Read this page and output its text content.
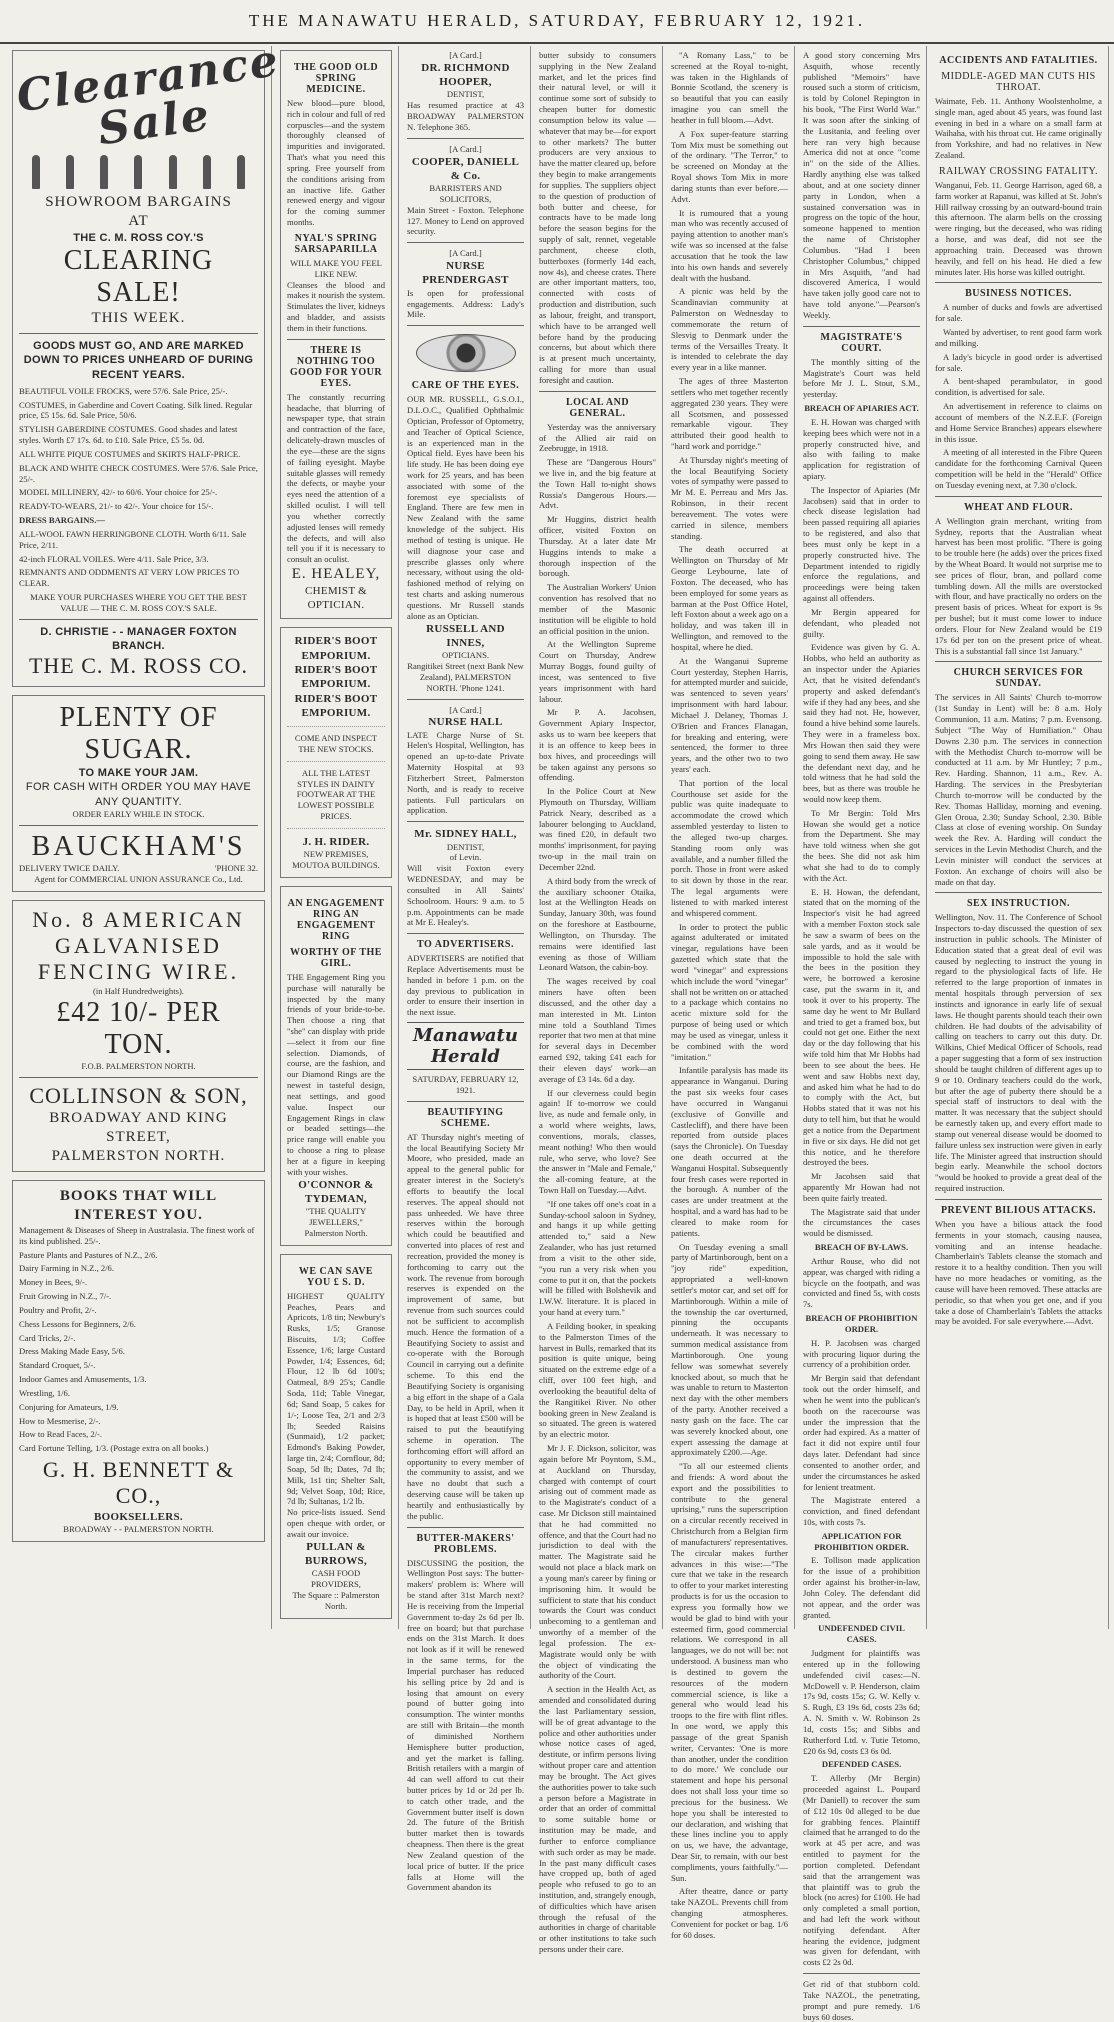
THE MANAWATU HERALD, SATURDAY, FEBRUARY 12, 1921.
Clearance Sale
SHOWROOM BARGAINS
AT
THE C. M. ROSS COY.'S
CLEARING SALE!
THIS WEEK.
GOODS MUST GO, AND ARE MARKED DOWN TO PRICES UNHEARD OF DURING RECENT YEARS.

BEAUTIFUL VOILE FROCKS, were 57/6. Sale Price, 25/-.

COSTUMES, in Gaberdine and Covert Coating. Silk lined. Regular price, £5 15s. 6d. Sale Price, 50/6.

STYLISH GABERDINE COSTUMES. Good shades and latest styles. Worth £7 17s. 6d. to £10. Sale Price, £5 5s. 0d.

ALL WHITE PIQUE COSTUMES and SKIRTS HALF-PRICE.

BLACK AND WHITE CHECK COSTUMES. Were 57/6. Sale Price, 25/-.

MODEL MILLINERY, 42/- to 60/6. Your choice for 25/-.

READY-TO-WEARS, 21/- to 42/-. Your choice for 15/-.

DRESS BARGAINS.—

ALL-WOOL FAWN HERRINGBONE CLOTH. Worth 6/11. Sale Price, 2/11.

42-inch FLORAL VOILES. Were 4/11. Sale Price, 3/3.

REMNANTS AND ODDMENTS AT VERY LOW PRICES TO CLEAR.

MAKE YOUR PURCHASES WHERE YOU GET THE BEST VALUE — THE C. M. ROSS COY.'S SALE.
D. CHRISTIE - - MANAGER FOXTON BRANCH.
THE C. M. ROSS CO.
PLENTY OF SUGAR.
TO MAKE YOUR JAM.
FOR CASH WITH ORDER YOU MAY HAVE ANY QUANTITY.
ORDER EARLY WHILE IN STOCK.
BAUCKHAM'S
DELIVERY TWICE DAILY.	'PHONE 32.
Agent for COMMERCIAL UNION ASSURANCE Co., Ltd.
No. 8 AMERICAN GALVANISED FENCING WIRE.
(in Half Hundredweights).
£42 10/- PER TON.
F.O.B. PALMERSTON NORTH.
COLLINSON & SON,
BROADWAY AND KING STREET,
PALMERSTON NORTH.
BOOKS THAT WILL INTEREST YOU.

Management & Diseases of Sheep in Australasia. The finest work of its kind published. 25/-.

Pasture Plants and Pastures of N.Z., 2/6.

Dairy Farming in N.Z., 2/6.

Money in Bees, 9/-.

Fruit Growing in N.Z., 7/-.

Poultry and Profit, 2/-.

Chess Lessons for Beginners, 2/6.

Card Tricks, 2/-.

Dress Making Made Easy, 5/6.

Standard Croquet, 5/-.

Indoor Games and Amusements, 1/3.

Wrestling, 1/6.

Conjuring for Amateurs, 1/9.

How to Mesmerise, 2/-.

How to Read Faces, 2/-.

Card Fortune Telling, 1/3. (Postage extra on all books.)

G. H. BENNETT & CO.,
BOOKSELLERS.
BROADWAY - - PALMERSTON NORTH.
THE GOOD OLD SPRING MEDICINE.
New blood—pure blood, rich in colour and full of red corpuscles—and the system thoroughly cleansed of impurities and invigorated. That's what you need this spring. Free yourself from the conditions arising from an inactive life. Gather renewed energy and vigour for the coming summer months.
NYAL'S SPRING SARSAPARILLA
WILL MAKE YOU FEEL LIKE NEW.
Cleanses the blood and makes it nourish the system. Stimulates the liver, kidneys and bladder, and assists them in their functions.
THERE IS NOTHING TOO GOOD FOR YOUR EYES.
The constantly recurring headache, that blurring of newspaper type, that strain and contraction of the face, delicately-drawn muscles of the eye—these are the signs of failing eyesight. Maybe suitable glasses will remedy the defects, or maybe your eyes need the attention of a skilled oculist. I will tell you whether correctly adjusted lenses will remedy the defects, and will also tell you if it is necessary to consult an oculist.
E. HEALEY,
CHEMIST & OPTICIAN.
RIDER'S BOOT EMPORIUM.
RIDER'S BOOT EMPORIUM.
RIDER'S BOOT EMPORIUM.
COME AND INSPECT THE NEW STOCKS.
ALL THE LATEST STYLES IN DAINTY FOOTWEAR AT THE
LOWEST POSSIBLE PRICES.
J. H. RIDER.
NEW PREMISES,
MOUTOA BUILDINGS.
AN ENGAGEMENT RING AN ENGAGEMENT RING
WORTHY OF THE GIRL.
THE Engagement Ring you purchase will naturally be inspected by the many friends of your bride-to-be. Then choose a ring that "she" can display with pride—select it from our fine selection. Diamonds, of course, are the fashion, and our Diamond Rings are the newest in tasteful design, neat settings, and good value. Inspect our Engagement Rings in claw or beaded settings—the price range will enable you to choose a ring to please her at a figure in keeping with your wishes.
O'CONNOR & TYDEMAN,
"THE QUALITY JEWELLERS,"
Palmerston North.
WE CAN SAVE YOU £ S. D.
HIGHEST QUALITY Peaches, Pears and Apricots, 1/8 tin; Newbury's Rusks, 1/5; Granose Biscuits, 1/3; Coffee Essence, 1/6; large Custard Powder, 1/4; Essences, 6d; Flour, 12 lb 6d 100's; Oatmeal, 8/9 25's; Candle Soda, 11d; Table Vinegar, 6d; Sand Soap, 5 cakes for 1/-; Loose Tea, 2/1 and 2/3 lb; Seeded Raisins (Sunmaid), 1/2 packet; Edmond's Baking Powder, large tin, 2/4; Cornflour, 8d; Soap, 5d lb; Dates, 7d lb; Milk, 1s1 tin; Shelter Salt, 9d; Velvet Soap, 10d; Rice, 7d lb; Sultanas, 1/2 lb.
No price-lists issued. Send open cheque with order, or await our invoice.
PULLAN & BURROWS,
CASH FOOD PROVIDERS,
The Square :: Palmerston North.
[A Card.]
DR. RICHMOND HOOPER,
DENTIST,
Has resumed practice at 43 BROADWAY PALMERSTON N. Telephone 365.
[A Card.]
COOPER, DANIELL & Co.
BARRISTERS AND SOLICITORS,
Main Street - Foxton. Telephone 127. Money to Lend on approved security.
[A Card.]
NURSE PRENDERGAST
Is open for professional engagements. Address: Lady's Mile.
CARE OF THE EYES.
OUR MR. RUSSELL, G.S.O.I., D.L.O.C., Qualified Ophthalmic Optician, Professor of Optometry, and Teacher of Optical Science, is an experienced man in the Optical field. Eyes have been his life study. He has been doing eye work for 25 years, and has been associated with some of the foremost eye specialists of England. There are few men in New Zealand with the same knowledge of the subject. His method of testing is unique. He will diagnose your case and prescribe glasses only where necessary, without using the old-fashioned method of relying on test charts and asking numerous questions. Mr Russell stands alone as an Optician.
RUSSELL AND INNES,
OPTICIANS.
Rangitikei Street (next Bank New Zealand), PALMERSTON NORTH. 'Phone 1241.
[A Card.]
NURSE HALL
LATE Charge Nurse of St. Helen's Hospital, Wellington, has opened an up-to-date Private Maternity Hospital at 93 Fitzherbert Street, Palmerston North, and is ready to receive patients. Full particulars on application.
Mr. SIDNEY HALL,
DENTIST,
of Levin.
Will visit Foxton every WEDNESDAY, and may be consulted in All Saints' Schoolroom. Hours: 9 a.m. to 5 p.m. Appointments can be made at Mr E. Healey's.
TO ADVERTISERS.
ADVERTISERS are notified that Replace Advertisements must be handed in before 1 p.m. on the day previous to publication in order to ensure their insertion in the next issue.
Manawatu Herald
SATURDAY, FEBRUARY 12, 1921.
BEAUTIFYING SCHEME.
AT Thursday night's meeting of the local Beautifying Society Mr Moore, who presided, made an appeal to the general public for greater interest in the Society's efforts to beautify the local reserves. The appeal should not pass unheeded. We have three reserves within the borough which could be beautified and converted into places of rest and recreation, provided the money is forthcoming to carry out the work. The revenue from borough reserves is expended on the improvement of same, but revenue from such sources could not be sufficient to accomplish much. Hence the formation of a Beautifying Society to assist and co-operate with the Borough Council in carrying out a definite scheme. To this end the Beautifying Society is organising a big effort in the shape of a Gala Day, to be held in April, when it is hoped that at least £500 will be raised to put the beautifying scheme in operation. The forthcoming effort will afford an opportunity to every member of the community to assist, and we have no doubt that such a deserving cause will be taken up heartily and enthusiastically by the public.
BUTTER-MAKERS' PROBLEMS.
DISCUSSING the position, the Wellington Post says: The butter-makers' problem is: Where will be stand after 31st March next? He is receiving from the Imperial Government to-day 2s 6d per lb. free on board; but that purchase ends on the 31st March. It does not look as if it will be renewed in the same terms, for the Imperial purchaser has reduced his selling price by 2d and is losing that amount on every pound of butter going into consumption. The winter months are still with Britain—the month of diminished Northern Hemisphere butter production, and yet the market is falling. British retailers with a margin of 4d can well afford to cut their butter prices by 1d or 2d per lb. to catch other trade, and the Government butter itself is down 2d. The future of the British butter market then is towards cheapness. Then there is the great New Zealand question of the local price of butter. If the price falls at Home will the Government abandon its
butter subsidy to consumers supplying in the New Zealand market, and let the prices find their natural level, or will it continue some sort of subsidy to cheapen butter for domestic consumption below its value —whatever that may be—for export to other markets? The butter producers are very anxious to have the matter cleared up, before they begin to make arrangements for supplies. The suppliers object to the question of production of both butter and cheese, for contracts have to be made long before the season begins for the supply of salt, rennet, vegetable parchment, cheese cloth, butterboxes (formerly 14d each, now 4s), and cheese crates. There are other important matters, too, connected with costs of production and distribution, such as labour, freight, and transport, which have to be arranged well before hand by the producing concerns, but about which there is at present much uncertainty, calling for more than usual foresight and caution.
LOCAL AND GENERAL.

Yesterday was the anniversary of the Allied air raid on Zeebrugge, in 1918.

These are "Dangerous Hours" we live in, and the big feature at the Town Hall to-night shows Russia's Dangerous Hours.—Advt.

Mr Huggins, district health officer, visited Foxton on Thursday. At a later date Mr Huggins intends to make a thorough inspection of the borough.

The Australian Workers' Union convention has resolved that no member of the Masonic institution will be eligible to hold an official position in the union.

At the Wellington Supreme Court on Thursday, Andrew Murray Boggs, found guilty of incest, was sentenced to five years imprisonment with hard labour.

Mr P. A. Jacobsen, Government Apiary Inspector, asks us to warn bee keepers that it is an offence to keep bees in box hives, and proceedings will be taken against any persons so offending.

In the Police Court at New Plymouth on Thursday, William Patrick Neary, described as a labourer belonging to Auckland, was fined £20, in default two months' imprisonment, for paying two-up in the mail train on December 22nd.

A third body from the wreck of the auxiliary schooner Otaika, lost at the Wellington Heads on Sunday, January 30th, was found on the foreshore at Eastbourne, Wellington, on Thursday. The remains were identified last evening as those of William Leonard Watson, the cabin-boy.

The wages received by coal miners have often been discussed, and the other day a man interested in Mt. Linton mine told a Southland Times reporter that two men at that mine for several days in December earned £92, taking £41 each for their eleven days' work—an average of £3 14s. 6d a day.

If our cleverness could begin again! If to-morrow we could live, as nude and female only, in a world where weights, laws, conventions, morals, classes, meant nothing! Who then would rule, who serve, who love? See the answer in "Male and Female," the all-coming feature, at the Town Hall on Tuesday.—Advt.

"If one takes off one's coat in a Sunday-school saloon in Sydney, and hangs it up while getting attended to," said a New Zealander, who has just returned from a visit to the other side, "you run a very risk when you come to put it on, that the pockets will be filled with Bolshevik and I.W.W. literature. It is placed in your hand at every turn."

A Feilding booker, in speaking to the Palmerston Times of the harvest in Bulls, remarked that its position is quite unique, being situated on the extreme edge of a cliff, over 100 feet high, and overlooking the beautiful delta of the Rangitikei River. No other booking green in New Zealand is so situated. The green is watered by an electric motor.

Mr J. F. Dickson, solicitor, was again before Mr Poyntom, S.M., at Auckland on Thursday, charged with contempt of court arising out of comment made as to the Magistrate's conduct of a case. Mr Dickson still maintained that he had committed no offence, and that the Court had no jurisdiction to deal with the matter. The Magistrate said he would not place a black mark on a young man's career by fining or imprisoning him. It would be sufficient to state that his conduct towards the Court was conduct unbecoming to a gentleman and unworthy of a member of the legal profession. The ex-Magistrate would only be with the object of vindicating the authority of the Court.

A section in the Health Act, as amended and consolidated during the last Parliamentary session, will be of great advantage to the police and other authorities under whose notice cases of aged, destitute, or infirm persons living without proper care and attention may be brought. The Act gives the authorities power to take such a person before a Magistrate in order that an order of committal to some suitable home or institution may be made, and further to enforce compliance with such order as may be made. In the past many difficult cases have cropped up, both of aged people who refused to go to an institution, and, strangely enough, of difficulties which have arisen through the refusal of the authorities in charge of charitable or other institutions to take such persons under their care.

"A Romany Lass," to be screened at the Royal to-night, was taken in the Highlands of Bonnie Scotland, the scenery is so beautiful that you can easily imagine you can smell the heather in full bloom.—Advt.

A Fox super-feature starring Tom Mix must be something out of the ordinary. "The Terror," to be screened on Monday at the Royal shows Tom Mix in more daring stunts than ever before.—Advt.

It is rumoured that a young man who was recently accused of paying attention to another man's wife was so incensed at the false accusation that he took the law into his own hands and severely dealt with the husband.

A picnic was held by the Scandinavian community at Palmerston on Wednesday to commemorate the return of Slesvig to Denmark under the terms of the Versailles Treaty. It is intended to celebrate the day every year in a like manner.

The ages of three Masterton settlers who met together recently aggregated 230 years. They were all Scotsmen, and possessed remarkable vigour. They attributed their good health to "hard work and porridge."

At Thursday night's meeting of the local Beautifying Society votes of sympathy were passed to Mr M. E. Perreau and Mrs Jas. Robinson, in their recent bereavement. The votes were carried in silence, members standing.

The death occurred at Wellington on Thursday of Mr George Leybourne, late of Foxton. The deceased, who has been employed for some years as barman at the Post Office Hotel, left Foxton about a week ago on a holiday, and was taken ill in Wellington, and removed to the hospital, where he died.

At the Wanganui Supreme Court yesterday, Stephen Harris, for attempted murder and suicide, was sentenced to seven years' imprisonment with hard labour. Michael J. Delaney, Thomas J. O'Brien and Frances Flanagan, for breaking and entering, were sentenced, the former to three years, and the other two to two years' each.

That portion of the local Courthouse set aside for the public was quite inadequate to accommodate the crowd which assembled yesterday to listen to the alleged two-up charges. Standing room only was available, and a number filled the porch. Those in front were asked to sit down by those in the rear. The legal arguments were listened to with marked interest and whispered comment.

In order to protect the public against adulterated or imitated vinegar, regulations have been gazetted which state that the word "vinegar" and expressions which include the word "vinegar" shall not be written on or attached to a package which contains no acetic mixture sold for the purpose of being used or which may be used as vinegar, unless it be combined with the word "imitation."

Infantile paralysis has made its appearance in Wanganui. During the past six weeks four cases have occurred in Wanganui (exclusive of Gonville and Castlecliff), and there have been reported from outside places (says the Chronicle). On Tuesday one death occurred at the Wanganui Hospital. Subsequently four fresh cases were reported in the borough. A number of the cases are under treatment at the hospital, and a ward has had to be cleared to make room for patients.

On Tuesday evening a small party of Martinborough, bent on a "joy ride" expedition, appropriated a well-known settler's motor car, and set off for Martinborough. Within a mile of the township the car overturned, pinning the occupants underneath. It was necessary to summon medical assistance from Martinborough. One young fellow was somewhat severely knocked about, so much that he was unable to return to Masterton next day with the other members of the party. Another received a nasty gash on the face. The car was severely knocked about, one expert assessing the damage at approximately £200.—Age.

"To all our esteemed clients and friends: A word about the export and the possibilities to contribute to the general uprising," runs the superscription on a circular recently received in Christchurch from a Belgian firm of manufacturers' representatives. The circular makes further advances in this wise:—"The cure that we take in the research to offer to your market interesting products is for us the occasion to express you formally how we would be glad to bind with your esteemed firm, good commercial relations. We correspond in all languages, we do not will be: not understood. A business man who is destined to govern the resources of the modern commercial science, is like a general who would lead his troops to the fire with flint rifles. In one word, we apply this passage of the great Spanish writer, Cervantes: 'One is more than another, under the condition to do more.' We conclude our statement and hope his personal does not shall loss your time so precious for the business. We hope you shall be interested to our declaration, and wishing that these lines incline you to apply on us, we have, the advantage, Dear Sir, to remain, with our best compliments, yours faithfully."—Sun.

After theatre, dance or party take NAZOL. Prevents chill from changing atmospheres. Convenient for pocket or bag. 1/6 for 60 doses.

A good story concerning Mrs Asquith, whose recently published "Memoirs" have roused such a storm of criticism, is told by Colonel Repington in his book, "The First World War." It was soon after the sinking of the Lusitania, and feeling over here ran very high because America did not at once "come in" on the side of the Allies. Hardly anything else was talked about, and at one society dinner party in London, when a sustained conversation was in progress on the topic of the hour, someone happened to mention the name of Christopher Columbus. "Had I been Christopher Columbus," chipped in Mrs Asquith, "and had discovered America, I would have taken jolly good care not to have told anyone."—Pearson's Weekly.
MAGISTRATE'S COURT.

The monthly sitting of the Magistrate's Court was held before Mr J. L. Stout, S.M., yesterday.

BREACH OF APIARIES ACT.

E. H. Howan was charged with keeping bees which were not in a properly constructed hive, and also with failing to make application for registration of apiary.

The Inspector of Apiaries (Mr Jacobsen) said that in order to check disease legislation had been passed requiring all apiaries to be registered, and also that bees must only be kept in a properly constructed hive. The Department intended to rigidly enforce the regulations, and proceedings were being taken against all offenders.

Mr Bergin appeared for defendant, who pleaded not guilty.

Evidence was given by G. A. Hobbs, who held an authority as an inspector under the Apiaries Act, that he visited defendant's property and asked defendant's wife if they had any bees, and she said they had not. He, however, found a hive behind some laurels. They were in a frameless box. Mrs Howan then said they were going to send them away. He saw the defendant next day, and he told witness that he had sold the bees, but as there was trouble he would now keep them.

To Mr Bergin: Told Mrs Howan she would get a notice from the Department. She may have told witness when she got the bees. She did not ask him what she had to do to comply with the Act.

E. H. Howan, the defendant, stated that on the morning of the Inspector's visit he had agreed with a member Foxton stock sale he saw a swarm of bees on the sale yards, and as it would be impossible to hold the sale with the bees in the position they were, he borrowed a kerosine case, put the swarm in it, and took it over to his property. The same day he went to Mr Bullard and tried to get a framed box, but could not get one. Either the next day or the day following that his wife told him that Mr Hobbs had been to see about the bees. He went and saw Hobbs next day, and asked him what he had to do to comply with the Act, but Hobbs stated that it was not his duty to tell him, but that he would get a notice from the Department in five or six days. He did not get this notice, and he therefore destroyed the bees.

Mr Jacobsen said that apparently Mr Howan had not been quite fairly treated.

The Magistrate said that under the circumstances the cases would be dismissed.

BREACH OF BY-LAWS.

Arthur Rouse, who did not appear, was charged with riding a bicycle on the footpath, and was convicted and fined 5s, with costs 7s.

BREACH OF PROHIBITION ORDER.

H. P. Jacobsen was charged with procuring liquor during the currency of a prohibition order.

Mr Bergin said that defendant took out the order himself, and when he went into the publican's booth on the racecourse was under the impression that the order had expired. As a matter of fact it did not expire until four days later. Defendant had since consented to another order, and under the circumstances he asked for lenient treatment.

The Magistrate entered a conviction, and fined defendant 10s, with costs 7s.

APPLICATION FOR PROHIBITION ORDER.

E. Tollison made application for the issue of a prohibition order against his brother-in-law, John Coley. The defendant did not appear, and the order was granted.

UNDEFENDED CIVIL CASES.

Judgment for plaintiffs was entered up in the following undefended civil cases:—N. McDowell v. P. Henderson, claim 17s 9d, costs 15s; G. W. Kelly v. S. Rugh, £3 19s 6d, costs 23s 6d; A. N. Smith v. W. Robinson 2s 1d, costs 15s; and Sibbs and Rutherford Ltd. v. Tutie Tetomo, £20 6s 9d, costs £3 6s 0d.

DEFENDED CASES.

T. Allerby (Mr Bergin) proceeded against L. Poupard (Mr Daniell) to recover the sum of £12 10s 0d alleged to be due for grabbing fences. Plaintiff claimed that he arranged to do the work at 45 per acre, and was entitled to payment for the portion completed. Defendant said that the arrangement was that plaintiff was to grub the block (no acres) for £100. He had only completed a small portion, and had left the work without notifying defendant. After hearing the evidence, judgment was given for defendant, with costs £2 2s 0d.

Get rid of that stubborn cold. Take NAZOL, the penetrating, prompt and pure remedy. 1/6 buys 60 doses.
ACCIDENTS AND FATALITIES.
MIDDLE-AGED MAN CUTS HIS THROAT.
Waimate, Feb. 11. Anthony Woolstenholme, a single man, aged about 45 years, was found last evening in bed in a whare on a small farm at Waihaha, with his throat cut. He came originally from Yorkshire, and had no relatives in New Zealand.
RAILWAY CROSSING FATALITY.
Wanganui, Feb. 11. George Harrison, aged 68, a farm worker at Rapanui, was killed at St. John's Hill railway crossing by an outward-bound train this afternoon. The alarm bells on the crossing were ringing, but the deceased, who was riding a horse, and was deaf, did not see the approaching train. Deceased was thrown heavily, and fell on his head. He died a few minutes later. His horse was killed outright.
BUSINESS NOTICES.

A number of ducks and fowls are advertised for sale.

Wanted by advertiser, to rent good farm work and milking.

A lady's bicycle in good order is advertised for sale.

A bent-shaped perambulator, in good condition, is advertised for sale.

An advertisement in reference to claims on account of members of the N.Z.E.F. (Foreign and Home Service Branches) appears elsewhere in this issue.

A meeting of all interested in the Fibre Queen candidate for the forthcoming Carnival Queen competition will be held in the "Herald" Office on Tuesday evening next, at 7.30 o'clock.

WHEAT AND FLOUR.
A Wellington grain merchant, writing from Sydney, reports that the Australian wheat harvest has been most prolific. "There is going to be trouble here (he adds) over the prices fixed by the Wheat Board. It would not surprise me to see prices of flour, bran, and pollard come tumbling down. All the mills are overstocked with flour, and have practically no orders on the present basis of prices. Wheat for export is 9s per bushel; but it must come lower to induce orders. Flour for New Zealand would be £19 17s 6d per ton on the present price of wheat. This is a substantial fall since 1st January."
CHURCH SERVICES FOR SUNDAY.
The services in All Saints' Church to-morrow (1st Sunday in Lent) will be: 8 a.m. Holy Communion, 11 a.m. Matins; 7 p.m. Evensong. Subject "The Way of Humiliation." Ohau Downs 2.30 p.m. The services in connection with the Methodist Church to-morrow will be conducted at 11 a.m. by Mr Huntley; 7 p.m., Rev. Harding. Shannon, 11 a.m., Rev. A. Harding. The services in the Presbyterian Church to-morrow will be conducted by the Rev. Thomas Halliday, morning and evening. Glen Oroua, 2.30; Sunday School, 2.30. Bible Class at close of evening worship. On Sunday week the Rev. A. Harding will conduct the services in the Levin Methodist Church, and the Levin minister will conduct the services at Foxton. An exchange of choirs will also be made on that day.
SEX INSTRUCTION.
Wellington, Nov. 11. The Conference of School Inspectors to-day discussed the question of sex instruction in public schools. The Minister of Education stated that a great deal of evil was caused by neglecting to instruct the young in regard to the physiological facts of life. He referred to the large proportion of inmates in mental hospitals through perversion of sex instincts and ignorance in early life of sexual laws. He thought parents should teach their own children. He had doubts of the advisability of calling on teachers to carry out this duty. Dr. Wilkins, Chief Medical Officer of Schools, read a paper suggesting that a form of sex instruction should be taught children of different ages up to 9 or 10. Ordinary teachers could do the work, but after the age of puberty there should be a special staff of instructors to deal with the matter. It was necessary that the subject should be earnestly taken up, and every effort made to stamp out venereal disease would be doomed to failure unless sex instruction were given in early life. The Minister agreed that instruction should begin early. Meanwhile the school doctors "would be hooked to provide a great deal of the required instruction.
PREVENT BILIOUS ATTACKS.
When you have a bilious attack the food ferments in your stomach, causing nausea, vomiting and an intense headache. Chamberlain's Tablets cleanse the stomach and restore it to a healthy condition. Then you will have no more headaches or vomiting, as the cause will have been removed. These attacks are periodic, so that when you get one, and if you take a dose of Chamberlain's Tablets the attacks may be avoided. For sale everywhere.—Advt.
